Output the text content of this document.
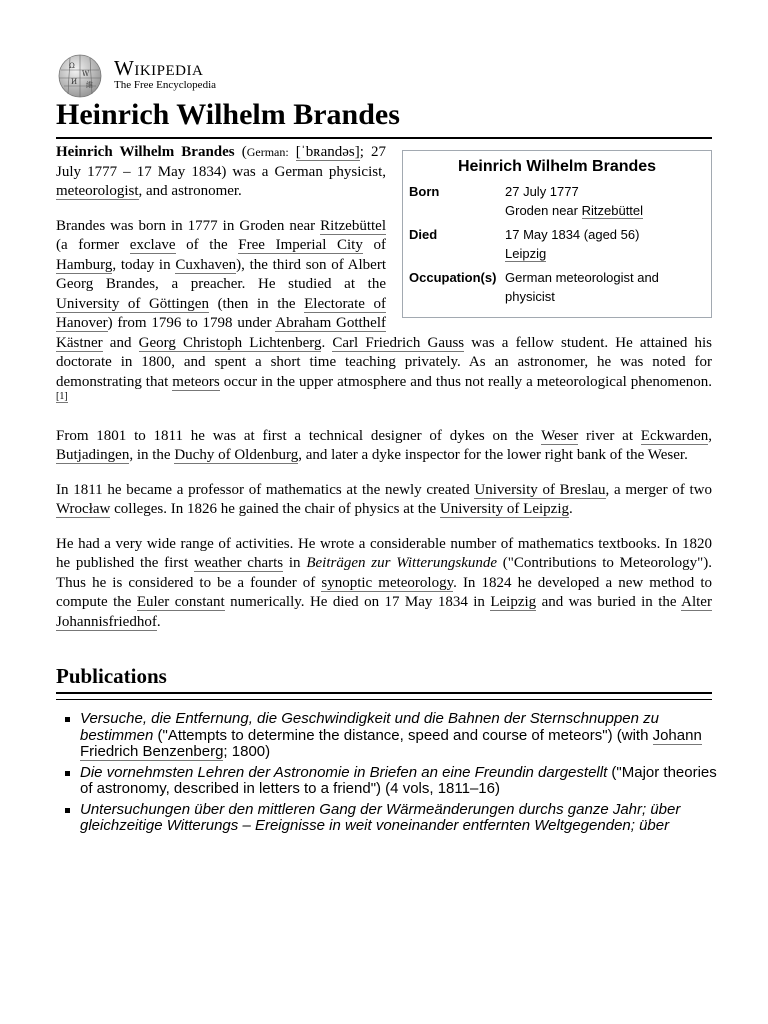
Ω
W
И 維
Wikipedia
The Free Encyclopedia
Heinrich Wilhelm Brandes
Heinrich Wilhelm Brandes
Born	27 July 1777
Groden near Ritzebüttel
Died	17 May 1834 (aged 56)
Leipzig
Occupation(s) German meteorologist and physicist

Heinrich Wilhelm Brandes (German: [ˈbʀandəs]; 27 July 1777 – 17 May 1834) was a German physicist, meteorologist, and astronomer.

Brandes was born in 1777 in Groden near Ritzebüttel (a former exclave of the Free Imperial City of Hamburg, today in Cuxhaven), the third son of Albert Georg Brandes, a preacher. He studied at the University of Göttingen (then in the Electorate of Hanover) from 1796 to 1798 under Abraham Gotthelf Kästner and Georg Christoph Lichtenberg. Carl Friedrich Gauss was a fellow student. He attained his doctorate in 1800, and spent a short time teaching privately. As an astronomer, he was noted for demonstrating that meteors occur in the upper atmosphere and thus not really a meteorological phenomenon.[1]

From 1801 to 1811 he was at first a technical designer of dykes on the Weser river at Eckwarden, Butjadingen, in the Duchy of Oldenburg, and later a dyke inspector for the lower right bank of the Weser.

In 1811 he became a professor of mathematics at the newly created University of Breslau, a merger of two Wrocław colleges. In 1826 he gained the chair of physics at the University of Leipzig.

He had a very wide range of activities. He wrote a considerable number of mathematics textbooks. In 1820 he published the first weather charts in Beiträgen zur Witterungskunde ("Contributions to Meteorology"). Thus he is considered to be a founder of synoptic meteorology. In 1824 he developed a new method to compute the Euler constant numerically. He died on 17 May 1834 in Leipzig and was buried in the Alter Johannisfriedhof.

Publications
Versuche, die Entfernung, die Geschwindigkeit und die Bahnen der Sternschnuppen zu bestimmen ("Attempts to determine the distance, speed and course of meteors") (with Johann Friedrich Benzenberg; 1800)
Die vornehmsten Lehren der Astronomie in Briefen an eine Freundin dargestellt ("Major theories of astronomy, described in letters to a friend") (4 vols, 1811–16)
Untersuchungen über den mittleren Gang der Wärmeänderungen durchs ganze Jahr; über gleichzeitige Witterungs – Ereignisse in weit voneinander entfernten Weltgegenden; über
